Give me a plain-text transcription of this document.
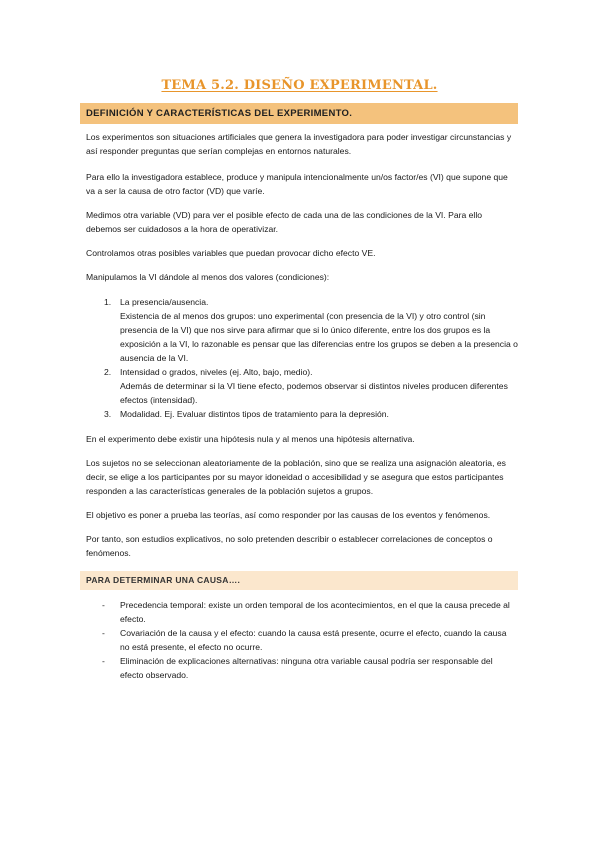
TEMA 5.2. DISEÑO EXPERIMENTAL.
DEFINICIÓN Y CARACTERÍSTICAS DEL EXPERIMENTO.

Los experimentos son situaciones artificiales que genera la investigadora para poder investigar circunstancias y así responder preguntas que serían complejas en entornos naturales.

Para ello la investigadora establece, produce y manipula intencionalmente un/os factor/es (VI) que supone que va a ser la causa de otro factor (VD) que varíe.

Medimos otra variable (VD) para ver el posible efecto de cada una de las condiciones de la VI. Para ello debemos ser cuidadosos a la hora de operativizar.

Controlamos otras posibles variables que puedan provocar dicho efecto VE.

Manipulamos la VI dándole al menos dos valores (condiciones):

1. La presencia/ausencia.
Existencia de al menos dos grupos: uno experimental (con presencia de la VI) y otro control (sin presencia de la VI) que nos sirve para afirmar que si lo único diferente, entre los dos grupos es la exposición a la VI, lo razonable es pensar que las diferencias entre los grupos se deben a la presencia o ausencia de la VI.
2. Intensidad o grados, niveles (ej. Alto, bajo, medio).
Además de determinar si la VI tiene efecto, podemos observar si distintos niveles producen diferentes efectos (intensidad).
3. Modalidad. Ej. Evaluar distintos tipos de tratamiento para la depresión.

En el experimento debe existir una hipótesis nula y al menos una hipótesis alternativa.

Los sujetos no se seleccionan aleatoriamente de la población, sino que se realiza una asignación aleatoria, es decir, se elige a los participantes por su mayor idoneidad o accesibilidad y se asegura que estos participantes responden a las características generales de la población sujetos a grupos.

El objetivo es poner a prueba las teorías, así como responder por las causas de los eventos y fenómenos.

Por tanto, son estudios explicativos, no solo pretenden describir o establecer correlaciones de conceptos o fenómenos.

PARA DETERMINAR UNA CAUSA….
- Precedencia temporal: existe un orden temporal de los acontecimientos, en el que la causa precede al efecto.
- Covariación de la causa y el efecto: cuando la causa está presente, ocurre el efecto, cuando la causa no está presente, el efecto no ocurre.
- Eliminación de explicaciones alternativas: ninguna otra variable causal podría ser responsable del efecto observado.
